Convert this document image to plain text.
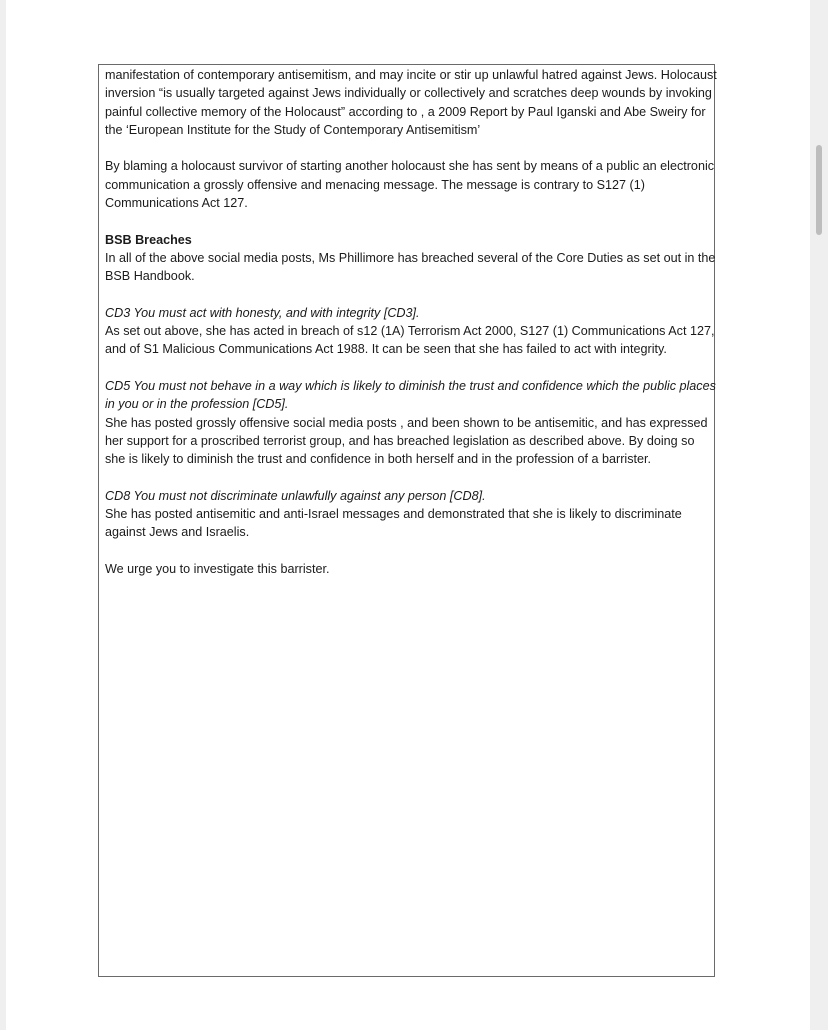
manifestation of contemporary antisemitism, and may incite or stir up unlawful hatred against Jews. Holocaust inversion “is usually targeted against Jews individually or collectively and scratches deep wounds by invoking painful collective memory of the Holocaust” according to , a 2009 Report by Paul Iganski and Abe Sweiry for the ‘European Institute for the Study of Contemporary Antisemitism’

By blaming a holocaust survivor of starting another holocaust she has sent by means of a public an electronic communication a grossly offensive and menacing message. The message is contrary to S127 (1) Communications Act 127.

BSB Breaches

In all of the above social media posts, Ms Phillimore has breached several of the Core Duties as set out in the BSB Handbook.

CD3 You must act with honesty, and with integrity [CD3].

As set out above, she has acted in breach of s12 (1A) Terrorism Act 2000, S127 (1) Communications Act 127, and of S1 Malicious Communications Act 1988. It can be seen that she has failed to act with integrity.

CD5 You must not behave in a way which is likely to diminish the trust and confidence which the public places in you or in the profession [CD5].

She has posted grossly offensive social media posts , and been shown to be antisemitic, and has expressed her support for a proscribed terrorist group, and has breached legislation as described above. By doing so she is likely to diminish the trust and confidence in both herself and in the profession of a barrister.

CD8 You must not discriminate unlawfully against any person [CD8].

She has posted antisemitic and anti-Israel messages and demonstrated that she is likely to discriminate against Jews and Israelis.

We urge you to investigate this barrister.
